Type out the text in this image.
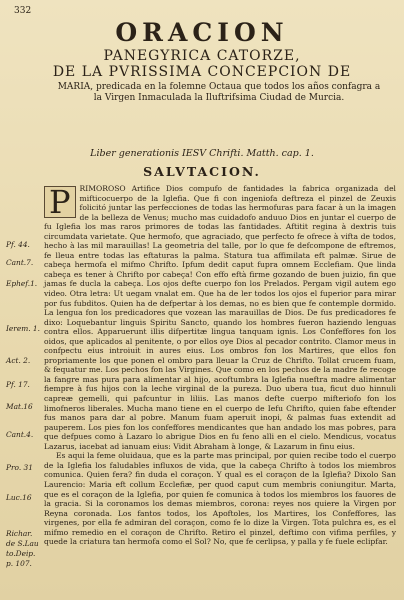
332
ORACION
PANEGYRICA CATORZE,
DE LA PVRISSIMA CONCEPCION DE
MARIA, predicada en la folemne Octaua que todos los años confagra a la Virgen Inmaculada la Iluftrifsima Ciudad de Murcia.
Liber generationis IESV Chrifti. Matth. cap. 1.
SALVTACION.

P	RIMOROSO Artifice Dios compufo de fantidades la fabrica organizada del mifticocuerpo de la Iglefia. Que fi con ingeniofa deftreza el pinzel de Zeuxis folicitó juntar las perfecciones de todas las hermofuras para facar à un la imagen de la belleza de Venus; mucho mas cuidadofo anduuo Dios en juntar el cuerpo de fu Iglefia los mas raros primores de todas las fantidades. Aftitit regina à dextris tuis circumdata varietate. Que hermofo, que agraciado, que perfecto fe ofrece à vifta de todos, hecho à las mil marauillas! La geometria del talle, por lo que fe defcompone de eftremos, fe lleua entre todas las eftaturas la palma. Statura tua affimilata eft palmæ. Sirue de cabeça hermofa el mifmo Chrifto. Ipfum dedit caput fupra omnem Ecclefiam. Que linda cabeça es tener à Chrifto por cabeça! Con effo eftà firme gozando de buen juizio, fin que jamas fe ducla la cabeça. Los ojos defte cuerpo fon los Prelados. Pergam vigil autem ego video. Otra letra: Ut uegam vnalat em. Que ha de ler todos los ojos el fuperior para mirar por fus fubditos. Quien ha de defpertar à los demas, no es bien que fe contemple dormido. La lengua fon los predicadores que vozean las marauillas de Dios. De fus predicadores fe dixo: Loquebantur linguis Spiritu Sancto, quando los hombres fueron haziendo lenguas contra ellos. Apparuerunt illis difpertitæ lingua tanquam ignis. Los Confeffores fon los oidos, que aplicados al penitente, o por ellos oye Dios al pecador contrito. Clamor meus in confpectu eius introiuit in aures eius. Los ombros fon los Martires, que ellos fon propriamente los que ponen el ombro para lleuar la Cruz de Chrifto. Tollat crucem fuam, & fequatur me. Los pechos fon las Virgines. Que como en los pechos de la madre fe recoge la fangre mas pura para alimentar al hijo, acoftumbra la Iglefia nueftra madre alimentar fiempre à fus hijos con la leche virginal de la pureza. Duo ubera tua, ficut duo hinnuli capreæ gemelli, qui pafcuntur in liliis. Las manos defte cuerpo mifteriofo fon los limofneros liberales. Mucha mano tiene en el cuerpo de Iefu Chrifto, quien fabe eftender fus manos para dar al pobre. Manum fuam aperuit inopi, & palmas fuas extendit ad pauperem. Los pies fon los confeffores mendicantes que han andado los mas pobres, para que defpues como à Lazaro lo abrigue Dios en fu feno alli en el cielo. Mendicus, vocatus Lazarus, iacebat ad ianuam eius: Vidit Abraham à longe, & Lazarum in finu eius.

Es aqui la feme oluidaua, que es la parte mas principal, por quien recibe todo el cuerpo de la Iglefia los faludables influxos de vida, que la cabeça Chrifto à todos los miembros comunica. Quien fera? fin duda el coraçon. Y qual es el coraçon de la Iglefia? Dixolo San Laurencio: Maria eft collum Ecclefiæ, per quod caput cum membris coniungitur. Marta, que es el coraçon de la Iglefia, por quien fe comunica à todos los miembros los fauores de la gracia. Si la coronamos los demas miembros, corona: reyes nos quiere la Virgen por Reyna coronada. Los fantos todos, los Apoftoles, los Martires, los Confeffores, las virgenes, por ella fe admiran del coraçon, como fe lo dize la Virgen. Tota pulchra es, es el mifmo remedio en el coraçon de Chrifto. Retiro el pinzel, deftimo con vifima perfiles, y quede la criatura tan hermofa como el Sol? No, que fe cerlipsa, y palla y fe fuele eclipfar.

Pf. 44.
Cant.7.
Ephef.1.
Ierem. 1.
Act. 2.
Pf. 17.
Mat.16
Cant.4.
Pro. 31
Luc.16
Richar.
de S.Lau
to.Deip.
p. 107.
